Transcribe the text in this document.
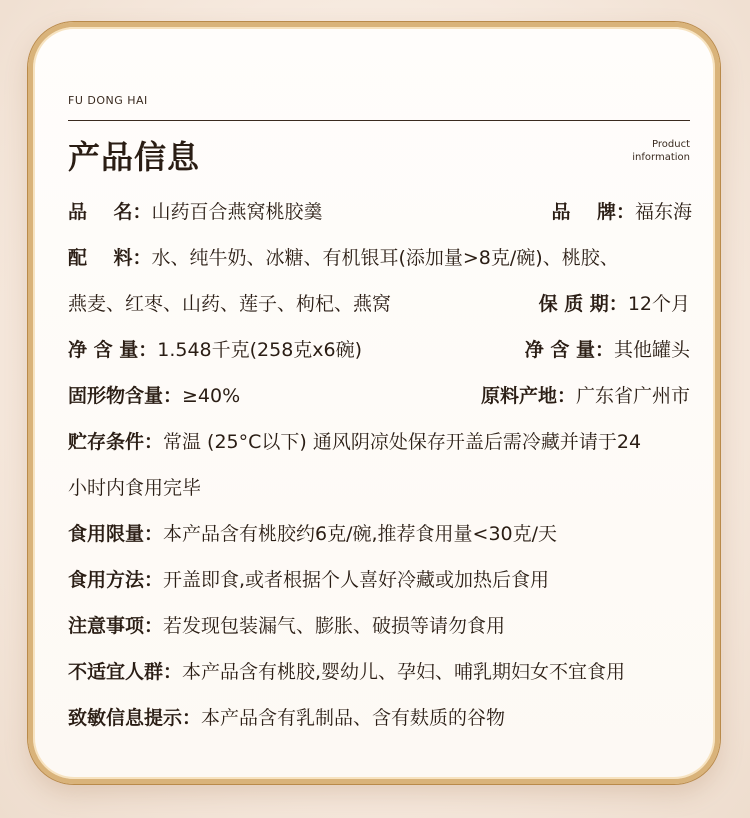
FU DONG HAI
产品信息	Product
information
品    名：山药百合燕窝桃胶羹	品    牌：福东海
配    料：水、纯牛奶、冰糖、有机银耳(添加量>8克/碗)、桃胶、
燕麦、红枣、山药、莲子、枸杞、燕窝	保 质 期：12个月
净 含 量：1.548千克(258克x6碗)	净 含 量：其他罐头
固形物含量：≥40%	原料产地：广东省广州市
贮存条件：常温 (25°C以下) 通风阴凉处保存开盖后需冷藏并请于24
小时内食用完毕
食用限量：本产品含有桃胶约6克/碗,推荐食用量<30克/天
食用方法：开盖即食,或者根据个人喜好冷藏或加热后食用
注意事项：若发现包装漏气、膨胀、破损等请勿食用
不适宜人群：本产品含有桃胶,婴幼儿、孕妇、哺乳期妇女不宜食用
致敏信息提示：本产品含有乳制品、含有麸质的谷物
